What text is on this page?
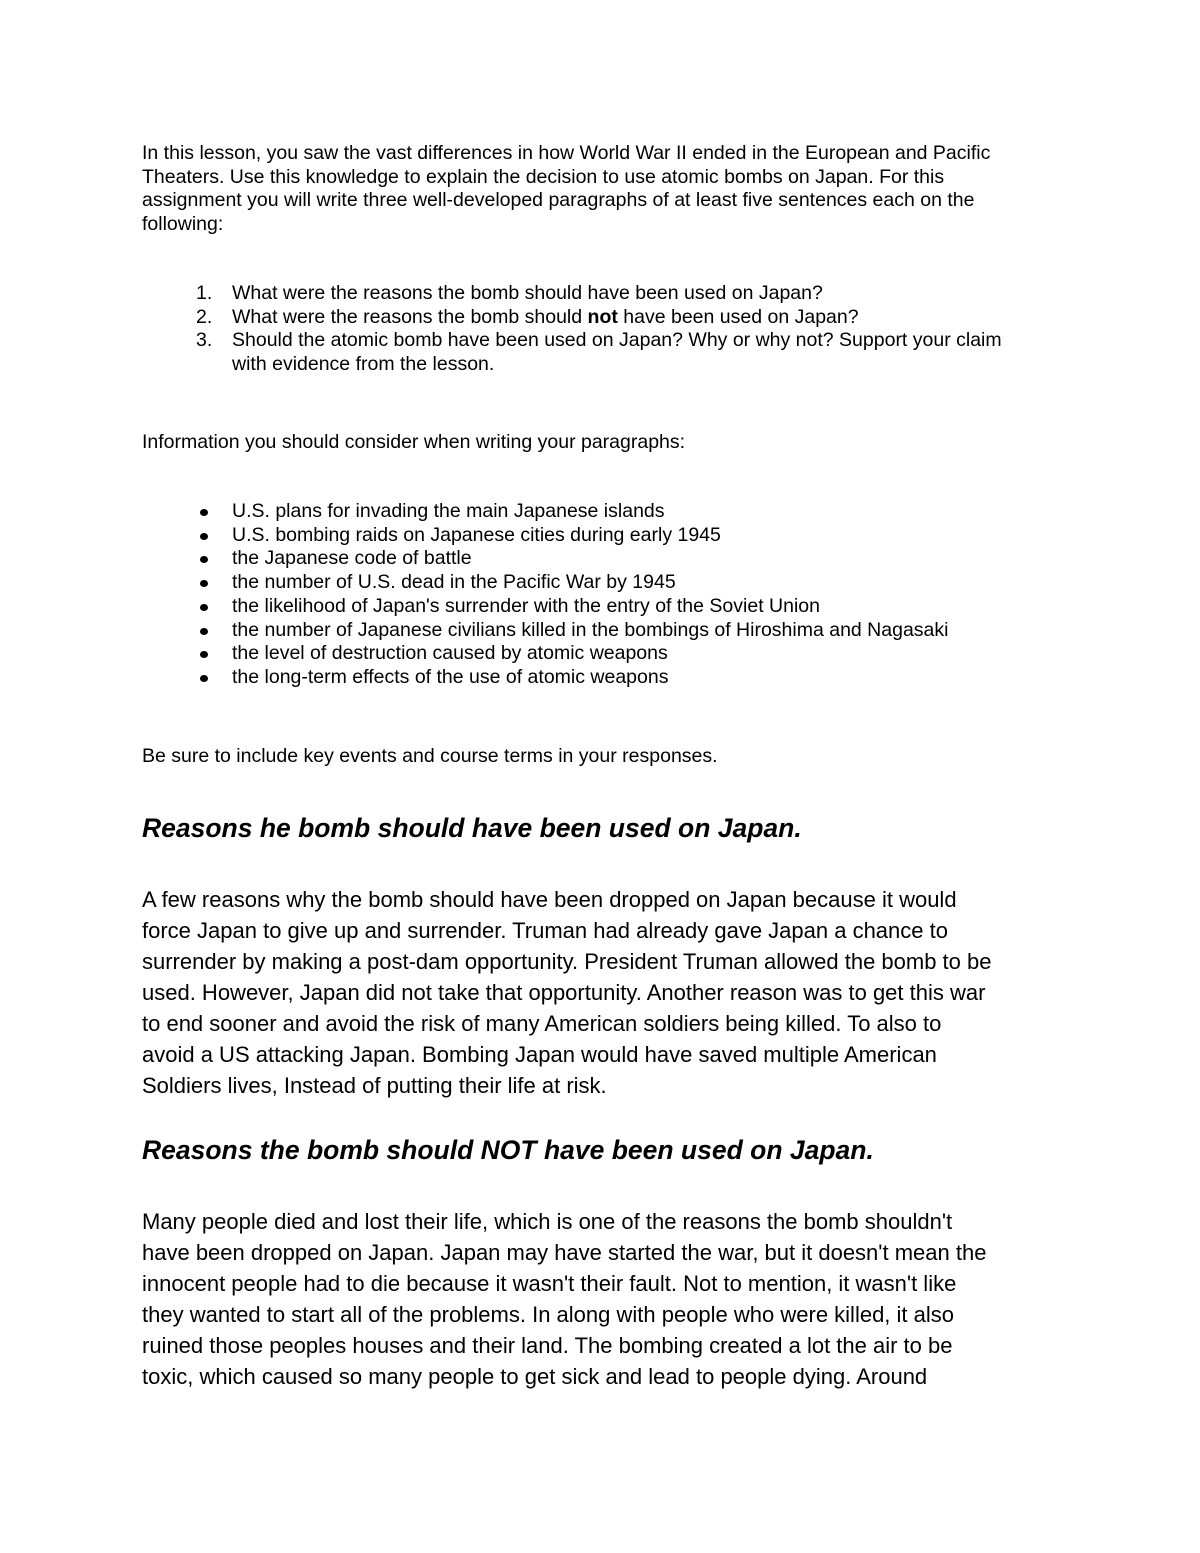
In this lesson, you saw the vast differences in how World War II ended in the European and Pacific
Theaters. Use this knowledge to explain the decision to use atomic bombs on Japan. For this
assignment you will write three well-developed paragraphs of at least five sentences each on the
following:

1. What were the reasons the bomb should have been used on Japan?
2. What were the reasons the bomb should not have been used on Japan?
3. Should the atomic bomb have been used on Japan? Why or why not? Support your claim
with evidence from the lesson.

Information you should consider when writing your paragraphs:

U.S. plans for invading the main Japanese islands
U.S. bombing raids on Japanese cities during early 1945
the Japanese code of battle
the number of U.S. dead in the Pacific War by 1945
the likelihood of Japan's surrender with the entry of the Soviet Union
the number of Japanese civilians killed in the bombings of Hiroshima and Nagasaki
the level of destruction caused by atomic weapons
the long-term effects of the use of atomic weapons

Be sure to include key events and course terms in your responses.

Reasons he bomb should have been used on Japan.

A few reasons why the bomb should have been dropped on Japan because it would
force Japan to give up and surrender. Truman had already gave Japan a chance to
surrender by making a post-dam opportunity. President Truman allowed the bomb to be
used. However, Japan did not take that opportunity. Another reason was to get this war
to end sooner and avoid the risk of many American soldiers being killed. To also to
avoid a US attacking Japan. Bombing Japan would have saved multiple American
Soldiers lives, Instead of putting their life at risk.

Reasons the bomb should NOT have been used on Japan.

Many people died and lost their life, which is one of the reasons the bomb shouldn't
have been dropped on Japan. Japan may have started the war, but it doesn't mean the
innocent people had to die because it wasn't their fault. Not to mention, it wasn't like
they wanted to start all of the problems. In along with people who were killed, it also
ruined those peoples houses and their land. The bombing created a lot the air to be
toxic, which caused so many people to get sick and lead to people dying. Around
